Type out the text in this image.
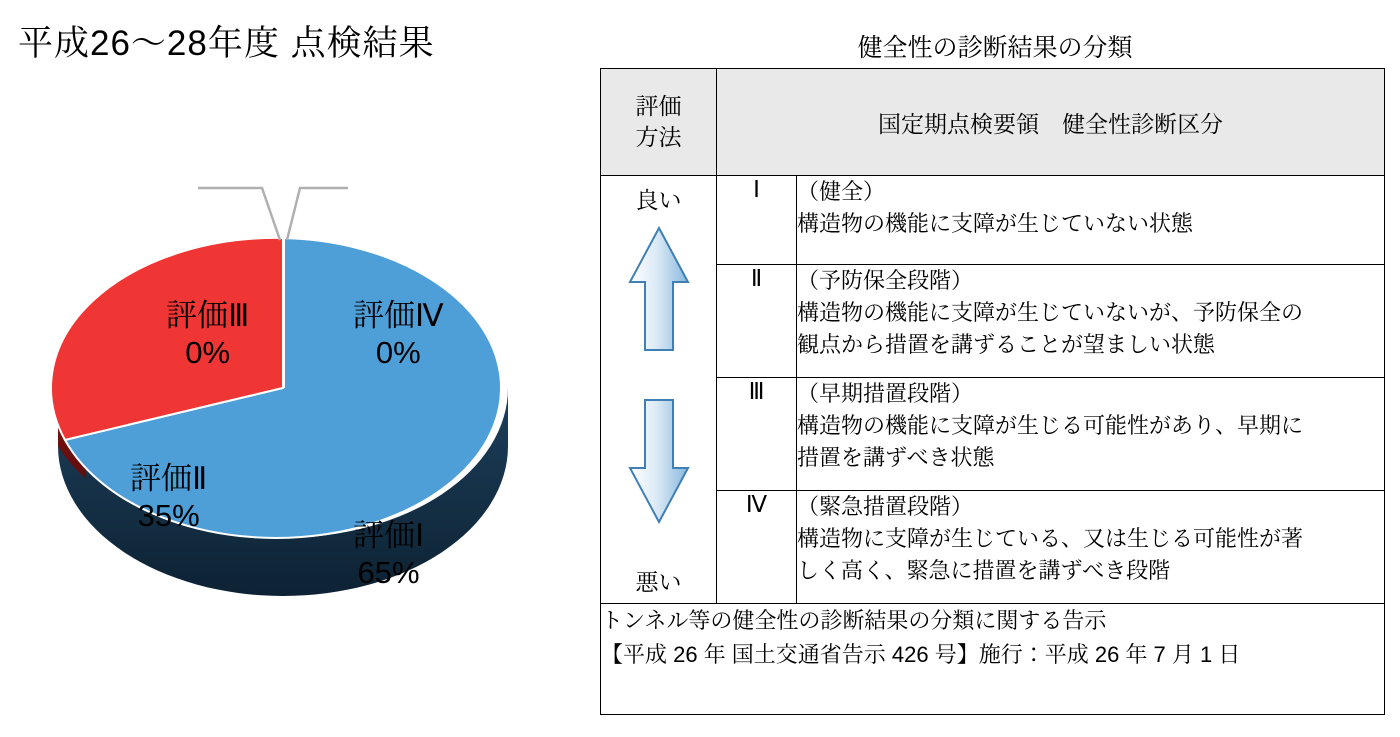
平成26〜28年度 点検結果
評価Ⅲ
0%
評価Ⅳ
0%
評価Ⅱ
35%
評価Ⅰ
65%
健全性の診断結果の分類
評価
方法	国定期点検要領　健全性診断区分	

良い
悪い
	Ⅰ	（健全）
構造物の機能に支障が生じていない状態

	Ⅱ	（予防保全段階）
構造物の機能に支障が生じていないが、予防保全の
観点から措置を講ずることが望ましい状態

	Ⅲ	（早期措置段階）
構造物の機能に支障が生じる可能性があり、早期に
措置を講ずべき状態

	Ⅳ	（緊急措置段階）
構造物に支障が生じている、又は生じる可能性が著
しく高く、緊急に措置を講ずべき段階

トンネル等の健全性の診断結果の分類に関する告示
【平成 26 年 国土交通省告示 426 号】施行：平成 26 年 7 月 1 日		
